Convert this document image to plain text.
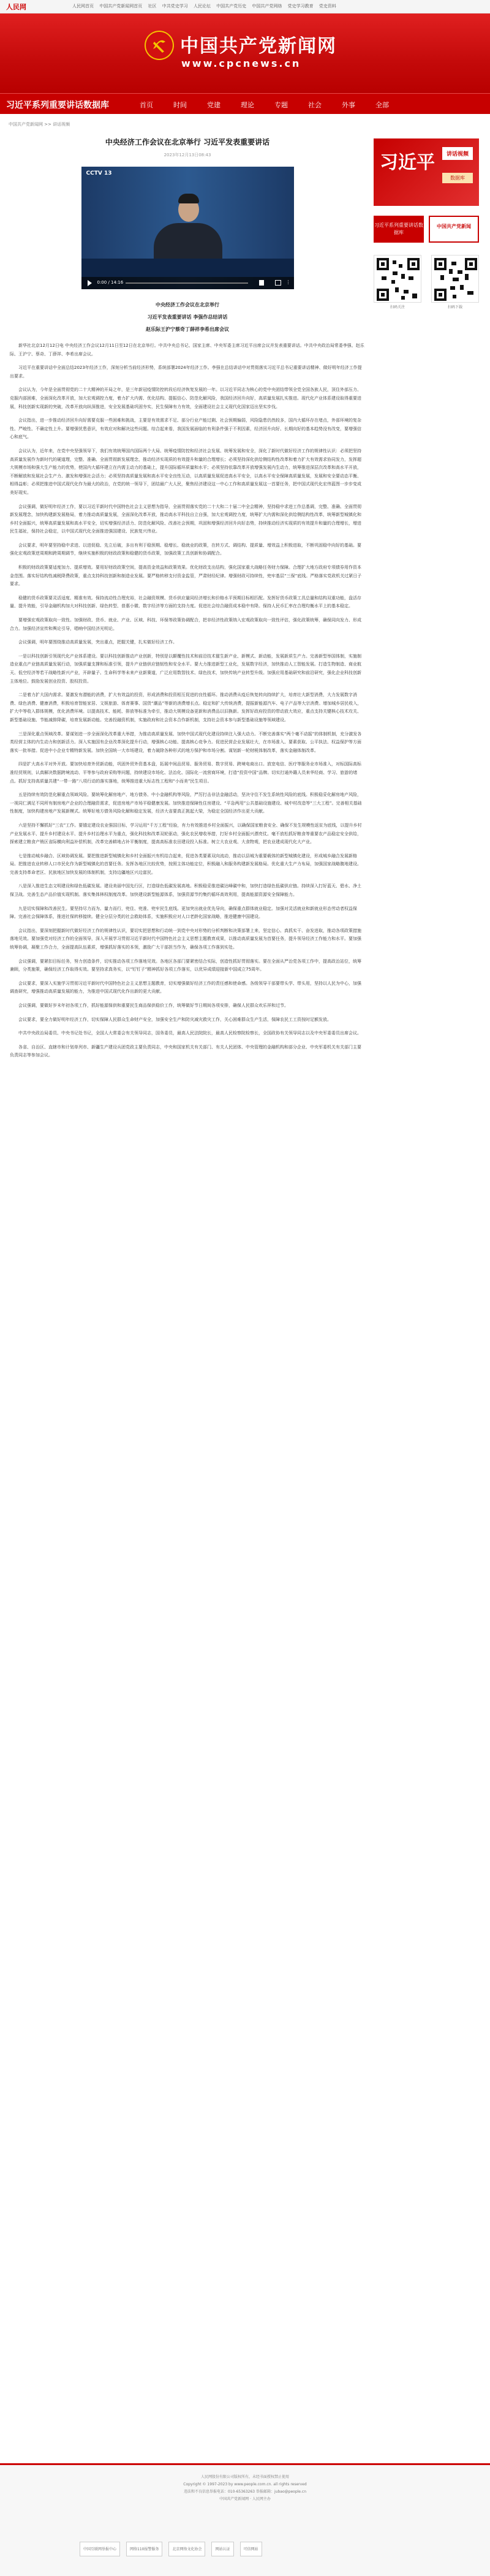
人民网	人民网首页 中国共产党新闻网首页 社区 中共党史学习 人民论坛 中国共产党历史 中国共产党网络 党史学习教育 党史资料
中国共产党新闻网
www.cpcnews.cn
习近平系列重要讲话数据库	首页	时间	党建	理论	专题	社会	外事	全部
中国共产党新闻网 >> 讲话视频
中央经济工作会议在北京举行 习近平发表重要讲话
2023年12月13日08:43
CCTV 13
0:00 / 14:16	⋮

中央经济工作会议在北京举行

习近平发表重要讲话 李强作总结讲话

赵乐际王沪宁蔡奇丁薛祥李希出席会议

新华社北京12月12日电 中央经济工作会议12月11日至12日在北京举行。中共中央总书记、国家主席、中央军委主席习近平出席会议并发表重要讲话。中共中央政治局常委李强、赵乐际、王沪宁、蔡奇、丁薛祥、李希出席会议。

习近平在重要讲话中全面总结2023年经济工作，深刻分析当前经济形势，系统部署2024年经济工作。李强在总结讲话中对贯彻落实习近平总书记重要讲话精神、做好明年经济工作提出要求。

会议认为，今年是全面贯彻党的二十大精神的开局之年，是三年新冠疫情防控转段后经济恢复发展的一年。以习近平同志为核心的党中央团结带领全党全国各族人民，顶住外部压力、克服内部困难，全面深化改革开放，加大宏观调控力度，着力扩大内需、优化结构、提振信心、防范化解风险，我国经济回升向好，高质量发展扎实推进。现代化产业体系建设取得重要进展，科技创新实现新的突破，改革开放向纵深推进，安全发展基础巩固夯实，民生保障有力有效，全面建设社会主义现代化国家迈出坚实步伐。

会议指出，进一步推动经济回升向好需要克服一些困难和挑战，主要是有效需求不足、部分行业产能过剩、社会预期偏弱，风险隐患仍然较多，国内大循环存在堵点，外部环境的复杂性、严峻性、不确定性上升。要增强忧患意识，有效应对和解决这些问题。综合起来看，我国发展面临的有利条件强于不利因素，经济回升向好、长期向好的基本趋势没有改变，要增强信心和底气。

会议认为，近年来，在党中央坚强领导下，我们有效统筹国内国际两个大局、统筹疫情防控和经济社会发展、统筹发展和安全，深化了新时代做好经济工作的规律性认识：必须把坚持高质量发展作为新时代的硬道理，完整、准确、全面贯彻新发展理念，推动经济实现质的有效提升和量的合理增长；必须坚持深化供给侧结构性改革和着力扩大有效需求协同发力，发挥超大规模市场和强大生产能力的优势，使国内大循环建立在内需主动力的基础上，提升国际循环质量和水平；必须坚持依靠改革开放增强发展内生动力，统筹推进深层次改革和高水平开放，不断解放和发展社会生产力、激发和增强社会活力；必须坚持高质量发展和高水平安全良性互动，以高质量发展促进高水平安全，以高水平安全保障高质量发展，发展和安全要动态平衡、相得益彰；必须把推进中国式现代化作为最大的政治，在党的统一领导下，团结最广大人民，聚焦经济建设这一中心工作和高质量发展这一首要任务，把中国式现代化宏伟蓝图一步步变成美好现实。

会议强调，做好明年经济工作，要以习近平新时代中国特色社会主义思想为指导，全面贯彻落实党的二十大和二十届二中全会精神，坚持稳中求进工作总基调，完整、准确、全面贯彻新发展理念，加快构建新发展格局，着力推动高质量发展，全面深化改革开放，推动高水平科技自立自强，加大宏观调控力度，统筹扩大内需和深化供给侧结构性改革，统筹新型城镇化和乡村全面振兴，统筹高质量发展和高水平安全，切实增强经济活力、防范化解风险、改善社会预期，巩固和增强经济回升向好态势，持续推动经济实现质的有效提升和量的合理增长，增进民生福祉，保持社会稳定，以中国式现代化全面推进强国建设、民族复兴伟业。

会议要求，明年要坚持稳中求进、以进促稳、先立后破，多出有利于稳预期、稳增长、稳就业的政策，在转方式、调结构、提质量、增效益上积极进取，不断巩固稳中向好的基础。要强化宏观政策逆周期和跨周期调节，继续实施积极的财政政策和稳健的货币政策，加强政策工具创新和协调配合。

积极的财政政策要适度加力、提质增效。要用好财政政策空间，提高资金效益和政策效果。优化财政支出结构，强化国家重大战略任务财力保障。合理扩大地方政府专项债券用作资本金范围。落实好结构性减税降费政策，重点支持科技创新和制造业发展。要严格转移支付资金监管，严肃财经纪律。增强财政可持续性，兜牢基层“三保”底线。严格落实党政机关过紧日子要求。

稳健的货币政策要灵活适度、精准有效。保持流动性合理充裕，社会融资规模、货币供应量同经济增长和价格水平预期目标相匹配。发挥好货币政策工具总量和结构双重功能，盘活存量、提升效能，引导金融机构加大对科技创新、绿色转型、普惠小微、数字经济等方面的支持力度。促进社会综合融资成本稳中有降。保持人民币汇率在合理均衡水平上的基本稳定。

要增强宏观政策取向一致性。加强财政、货币、就业、产业、区域、科技、环保等政策协调配合，把非经济性政策纳入宏观政策取向一致性评估，强化政策统筹，确保同向发力、形成合力。加强经济宣传和舆论引导，唱响中国经济光明论。

会议强调，明年要围绕推动高质量发展，突出重点，把握关键，扎实做好经济工作。

一是以科技创新引领现代化产业体系建设。要以科技创新推动产业创新，特别是以颠覆性技术和前沿技术催生新产业、新模式、新动能，发展新质生产力。完善新型举国体制，实施制造业重点产业链高质量发展行动，加强质量支撑和标准引领，提升产业链供应链韧性和安全水平。要大力推进新型工业化，发展数字经济，加快推动人工智能发展。打造生物制造、商业航天、低空经济等若干战略性新兴产业，开辟量子、生命科学等未来产业新赛道，广泛应用数智技术、绿色技术，加快传统产业转型升级。加强应用基础研究和前沿研究，强化企业科技创新主体地位。鼓励发展创业投资、股权投资。

二是着力扩大国内需求。要激发有潜能的消费，扩大有效益的投资，形成消费和投资相互促进的良性循环。推动消费从疫后恢复转向持续扩大，培育壮大新型消费，大力发展数字消费、绿色消费、健康消费，积极培育智能家居、文娱旅游、体育赛事、国货“潮品”等新的消费增长点。稳定和扩大传统消费，提振新能源汽车、电子产品等大宗消费。增加城乡居民收入，扩大中等收入群体规模，优化消费环境。以提高技术、能耗、排放等标准为牵引，推动大规模设备更新和消费品以旧换新。发挥好政府投资的带动放大效应，重点支持关键核心技术攻关、新型基础设施、节能减排降碳，培育发展新动能。完善投融资机制，实施政府和社会资本合作新机制，支持社会资本参与新型基础设施等领域建设。

三是深化重点领域改革。要谋划进一步全面深化改革重大举措，为推动高质量发展、加快中国式现代化建设持续注入强大动力。不断完善落实“两个毫不动摇”的体制机制，充分激发各类经营主体的内生动力和创新活力。深入实施国有企业改革深化提升行动，增强核心功能、提高核心竞争力。促进民营企业发展壮大，在市场准入、要素获取、公平执法、权益保护等方面落实一批举措。促进中小企业专精特新发展。加快全国统一大市场建设，着力破除各种形式的地方保护和市场分割。谋划新一轮财税体制改革，落实金融体制改革。

四是扩大高水平对外开放。要加快培育外贸新动能，巩固外贸外资基本盘，拓展中间品贸易、服务贸易、数字贸易、跨境电商出口。放宽电信、医疗等服务业市场准入，对标国际高标准经贸规则，认真解决数据跨境流动、平等参与政府采购等问题，持续建设市场化、法治化、国际化一流营商环境，打造“投资中国”品牌。切实打通外籍人员来华经商、学习、旅游的堵点。抓好支持高质量共建“一带一路”八项行动的落实落地，统筹推进重大标志性工程和“小而美”民生项目。

五是持续有效防范化解重点领域风险。要统筹化解房地产、地方债务、中小金融机构等风险，严厉打击非法金融活动，坚决守住不发生系统性风险的底线。积极稳妥化解房地产风险，一视同仁满足不同所有制房地产企业的合理融资需求，促进房地产市场平稳健康发展。加快推进保障性住房建设、“平急两用”公共基础设施建设、城中村改造等“三大工程”。完善相关基础性制度，加快构建房地产发展新模式。统筹好地方债务风险化解和稳定发展，经济大省要真正挑起大梁，为稳定全国经济作出更大贡献。

六是坚持不懈抓好“三农”工作。要锚定建设农业强国目标，学习运用“千万工程”经验，有力有效推进乡村全面振兴，以确保国家粮食安全、确保不发生规模性返贫为底线，以提升乡村产业发展水平、提升乡村建设水平、提升乡村治理水平为重点，强化科技和改革双轮驱动，强化农民增收举措，打好乡村全面振兴漂亮仗。毫不放松抓好粮食等重要农产品稳定安全供给，探索建立粮食产销区省际横向利益补偿机制，改革完善耕地占补平衡制度，提高高标准农田建设投入标准。树立大农业观、大食物观，把农业建成现代化大产业。

七是推动城乡融合、区域协调发展。要把推进新型城镇化和乡村全面振兴有机结合起来，促进各类要素双向流动，推动以县城为重要载体的新型城镇化建设，形成城乡融合发展新格局。把推进农业转移人口市民化作为新型城镇化的首要任务。发挥各地区比较优势，按照主体功能定位，积极融入和服务构建新发展格局。优化重大生产力布局，加强国家战略腹地建设。完善支持革命老区、民族地区加快发展的体制机制，支持边疆地区兴边富民。

八是深入推进生态文明建设和绿色低碳发展。建设美丽中国先行区，打造绿色低碳发展高地。积极稳妥推进碳达峰碳中和，加快打造绿色低碳供应链。持续深入打好蓝天、碧水、净土保卫战。完善生态产品价值实现机制。落实集体林权制度改革。加快建设新型能源体系，加强资源节约集约循环高效利用，提高能源资源安全保障能力。

九是切实保障和改善民生。要坚持尽力而为、量力而行，兜住、兜准、兜牢民生底线。更加突出就业优先导向，确保重点群体就业稳定。加强对灵活就业和新就业形态劳动者权益保障。完善社会保障体系，推进社保转移接续。健全分层分类的社会救助体系，实施积极应对人口老龄化国家战略，推进健康中国建设。

会议指出，要深刻把握新时代做好经济工作的规律性认识，要切实把思想和行动统一到党中央对形势的分析判断和决策部署上来，坚定信心、真抓实干、奋发进取，推动各项政策措施落地见效。要加强党对经济工作的全面领导，深入开展学习贯彻习近平新时代中国特色社会主义思想主题教育成果，以推动高质量发展为首要任务，提升领导经济工作能力和水平。要加强统筹协调，凝聚工作合力，全面提高队伍素质，增强抓好落实的本领，激励广大干部担当作为，确保各项工作落到实处。

会议强调，要紧扣目标任务，努力创造条件，切实推动各项工作落地见效。各地区各部门要紧密结合实际，创造性抓好贯彻落实。要在全面从严治党各项工作中，提高政治站位，统筹兼顾，分类施策，确保经济工作取得实效。要坚持求真务实，以“钉钉子”精神抓好各项工作落实，以优异成绩迎接新中国成立75周年。

会议要求，要深入实施学习贯彻习近平新时代中国特色社会主义思想主题教育，切实增强做好经济工作的责任感和使命感。各级领导干部要带头学、带头用，坚持以人民为中心，加强调查研究，增强推动高质量发展的能力，为推进中国式现代化作出新的更大贡献。

会议强调，要做好岁末年初各项工作，抓好能源保供和重要民生商品保供稳价工作，统筹做好节日期间各项安排，确保人民群众欢乐祥和过节。

会议要求，要全力做好明年经济工作，切实保障人民群众生命财产安全，加强安全生产和防灾减灾救灾工作，关心困难群众生产生活，保障农民工工资按时足额发放。

中共中央政治局委员、中央书记处书记，全国人大常委会有关领导同志，国务委员，最高人民法院院长，最高人民检察院检察长，全国政协有关领导同志以及中央军委委员出席会议。

各省、自治区、直辖市和计划单列市、新疆生产建设兵团党政主要负责同志，中央和国家机关有关部门、有关人民团体、中央管理的金融机构和部分企业、中央军委机关有关部门主要负责同志等参加会议。

习近平	讲话视频
数据库
习近平系列重要讲话数据库
中国共产党新闻
扫码关注	扫码下载

人民网股份有限公司版权所有，未经书面授权禁止使用

Copyright © 1997-2023 by www.people.com.cn. all rights reserved

违法和不良信息举报电话：010-65363263 举报邮箱：jubao@people.cn

中国共产党新闻网 · 人民网主办

中国互联网举报中心	网络110报警服务	北京网络文化协会	网站认证	可信网站
